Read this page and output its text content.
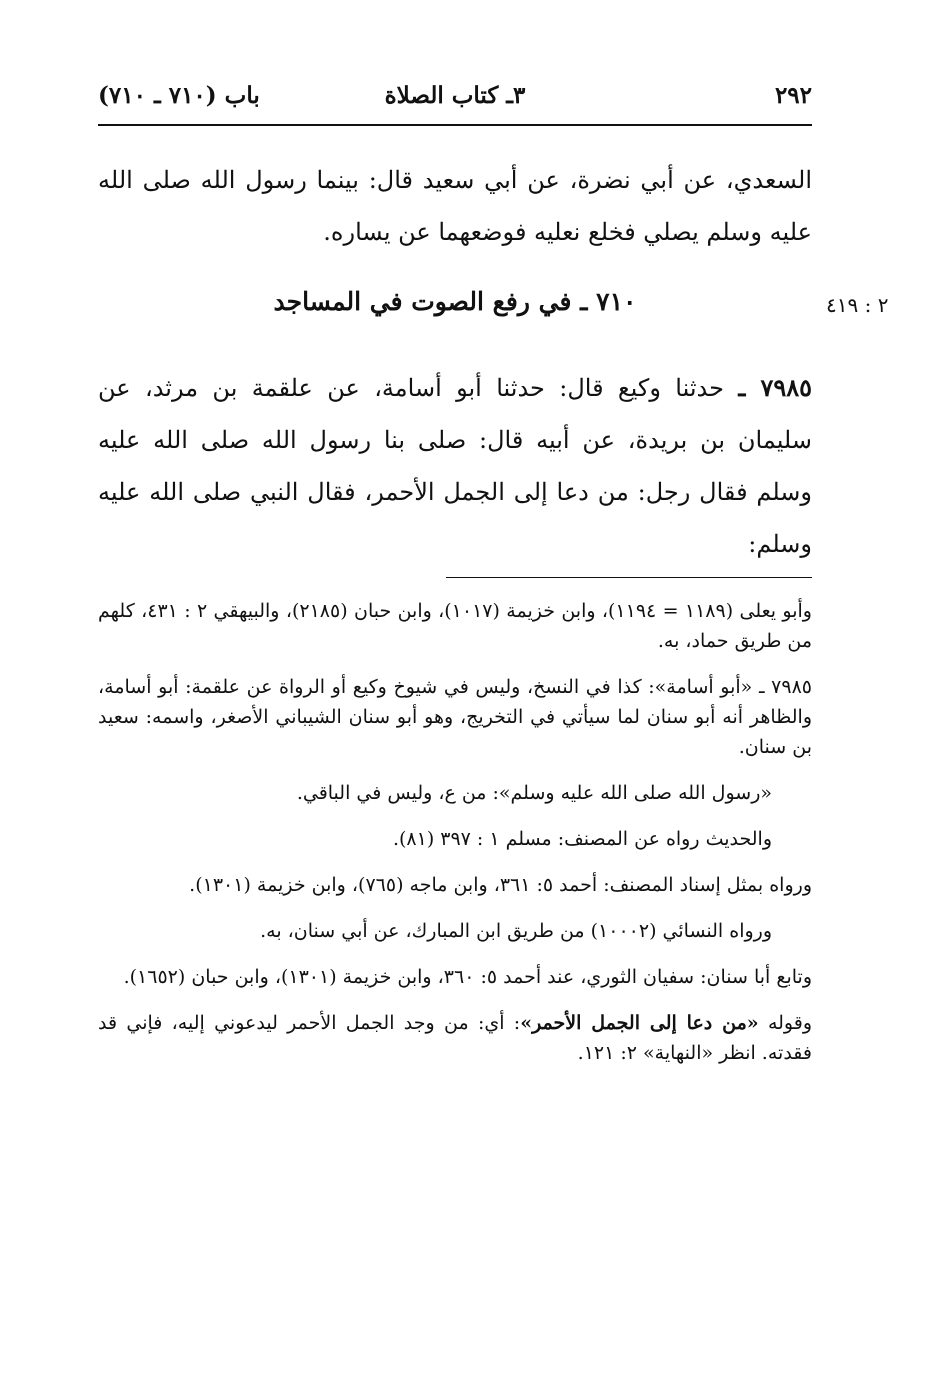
٢٩٢
٣ـ كتاب الصلاة
باب (٧١٠ ـ ٧١٠)
السعدي، عن أبي نضرة، عن أبي سعيد قال: بينما رسول الله صلى الله عليه وسلم يصلي فخلع نعليه فوضعهما عن يساره.
٧١٠ ـ في رفع الصوت في المساجد	٢ : ٤١٩
٧٩٨٥ ـ حدثنا وكيع قال: حدثنا أبو أسامة، عن علقمة بن مرثد، عن سليمان بن بريدة، عن أبيه قال: صلى بنا رسول الله صلى الله عليه وسلم فقال رجل: من دعا إلى الجمل الأحمر، فقال النبي صلى الله عليه وسلم:

وأبو يعلى (١١٨٩ = ١١٩٤)، وابن خزيمة (١٠١٧)، وابن حبان (٢١٨٥)، والبيهقي ٢ : ٤٣١، كلهم من طريق حماد، به.

٧٩٨٥ ـ «أبو أسامة»: كذا في النسخ، وليس في شيوخ وكيع أو الرواة عن علقمة: أبو أسامة، والظاهر أنه أبو سنان لما سيأتي في التخريج، وهو أبو سنان الشيباني الأصغر، واسمه: سعيد بن سنان.

«رسول الله صلى الله عليه وسلم»: من ع، وليس في الباقي.

والحديث رواه عن المصنف: مسلم ١ : ٣٩٧ (٨١).

ورواه بمثل إسناد المصنف: أحمد ٥: ٣٦١، وابن ماجه (٧٦٥)، وابن خزيمة (١٣٠١).

ورواه النسائي (١٠٠٠٢) من طريق ابن المبارك، عن أبي سنان، به.

وتابع أبا سنان: سفيان الثوري، عند أحمد ٥: ٣٦٠، وابن خزيمة (١٣٠١)، وابن حبان (١٦٥٢).

وقوله «من دعا إلى الجمل الأحمر»: أي: من وجد الجمل الأحمر ليدعوني إليه، فإني قد فقدته. انظر «النهاية» ٢: ١٢١.
